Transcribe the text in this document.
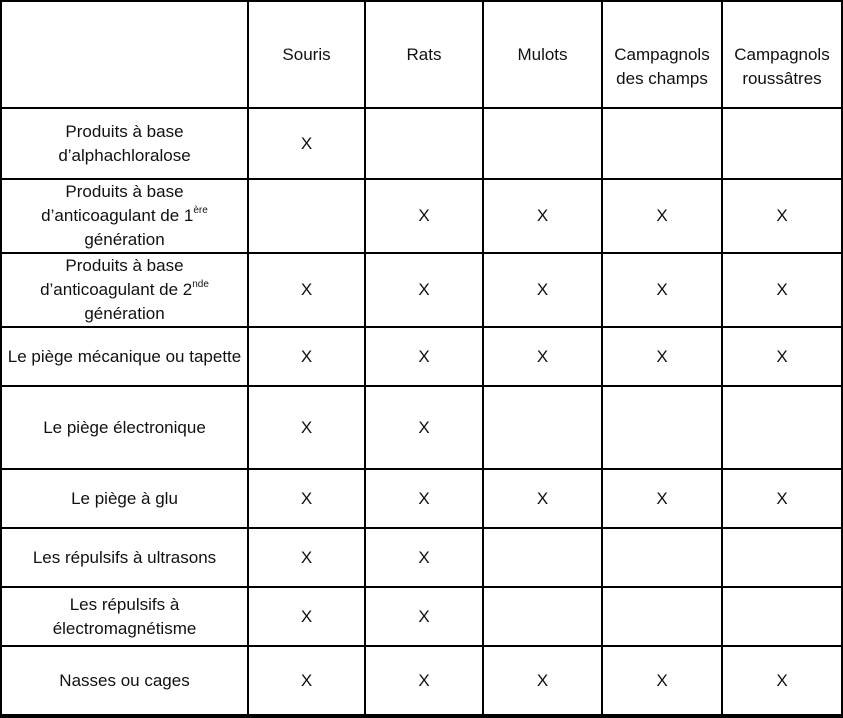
	Souris	Rats	Mulots	Campagnols des champs	Campagnols roussâtres
Produits à base d’alphachloralose	X				
Produits à base d’anticoagulant de 1ère
génération		X	X	X	X
Produits à base d’anticoagulant de 2nde
génération	X	X	X	X	X
Le piège mécanique ou tapette	X	X	X	X	X
Le piège électronique	X	X			
Le piège à glu	X	X	X	X	X
Les répulsifs à ultrasons	X	X			
Les répulsifs à électromagnétisme	X	X			
Nasses ou cages	X	X	X	X	X
